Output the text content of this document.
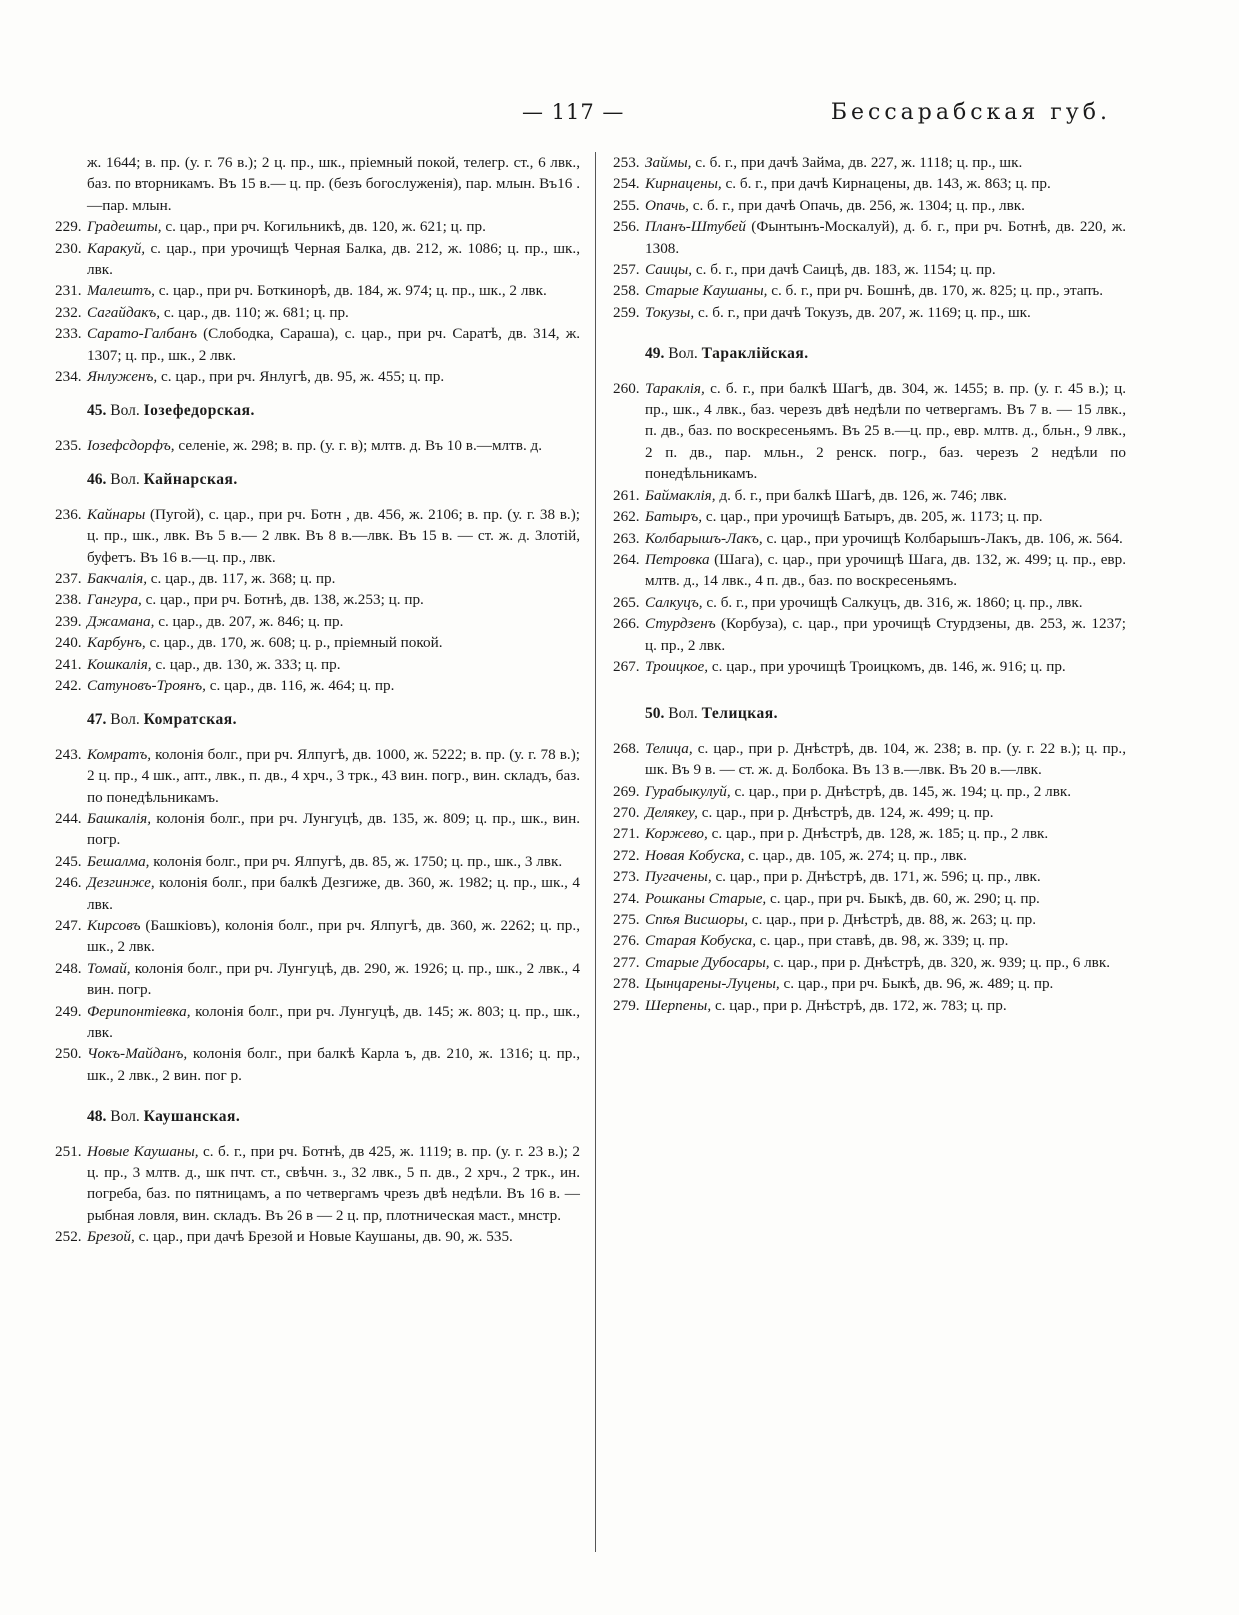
— 117 —	Бессарабская губ.

ж. 1644; в. пр. (у. г. 76 в.); 2 ц. пр., шк., пріемный покой, телегр. ст., 6 лвк., баз. по вторникамъ. Въ 15 в.— ц. пр. (безъ богослуженія), пар. млын. Въ16 .—пар. млын.

229. Градешты, с. цар., при рч. Когильникѣ, дв. 120, ж. 621; ц. пр.

230. Каракуй, с. цар., при урочищѣ Черная Балка, дв. 212, ж. 1086; ц. пр., шк., лвк.

231. Малештъ, с. цар., при рч. Боткинорѣ, дв. 184, ж. 974; ц. пр., шк., 2 лвк.

232. Сагайдакъ, с. цар., дв. 110; ж. 681; ц. пр.

233. Сарато-Галбанъ (Слободка, Сараша), с. цар., при рч. Саратѣ, дв. 314, ж. 1307; ц. пр., шк., 2 лвк.

234. Янлуженъ, с. цар., при рч. Янлугѣ, дв. 95, ж. 455; ц. пр.

45. Вол. Іозефедорская.

235. Іозефсдорфъ, селеніе, ж. 298; в. пр. (у. г. в); млтв. д. Въ 10 в.—млтв. д.

46. Вол. Кайнарская.

236. Кайнары (Пугой), с. цар., при рч. Ботн , дв. 456, ж. 2106; в. пр. (у. г. 38 в.); ц. пр., шк., лвк. Въ 5 в.— 2 лвк. Въ 8 в.—лвк. Въ 15 в. — ст. ж. д. Злотій, буфетъ. Въ 16 в.—ц. пр., лвк.

237. Бакчалія, с. цар., дв. 117, ж. 368; ц. пр.

238. Гангура, с. цар., при рч. Ботнѣ, дв. 138, ж.253; ц. пр.

239. Джамана, с. цар., дв. 207, ж. 846; ц. пр.

240. Карбунъ, с. цар., дв. 170, ж. 608; ц. р., пріемный покой.

241. Кошкалія, с. цар., дв. 130, ж. 333; ц. пр.

242. Сатуновъ-Троянъ, с. цар., дв. 116, ж. 464; ц. пр.

47. Вол. Комратская.

243. Комратъ, колонія болг., при рч. Ялпугѣ, дв. 1000, ж. 5222; в. пр. (у. г. 78 в.); 2 ц. пр., 4 шк., апт., лвк., п. дв., 4 хрч., 3 трк., 43 вин. погр., вин. складъ, баз. по понедѣльникамъ.

244. Башкалія, колонія болг., при рч. Лунгуцѣ, дв. 135, ж. 809; ц. пр., шк., вин. погр.

245. Бешалма, колонія болг., при рч. Ялпугѣ, дв. 85, ж. 1750; ц. пр., шк., 3 лвк.

246. Дезгинже, колонія болг., при балкѣ Дезгиже, дв. 360, ж. 1982; ц. пр., шк., 4 лвк.

247. Кирсовъ (Башкіовъ), колонія болг., при рч. Ялпугѣ, дв. 360, ж. 2262; ц. пр., шк., 2 лвк.

248. Томай, колонія болг., при рч. Лунгуцѣ, дв. 290, ж. 1926; ц. пр., шк., 2 лвк., 4 вин. погр.

249. Ферипонтіевка, колонія болг., при рч. Лунгуцѣ, дв. 145; ж. 803; ц. пр., шк., лвк.

250. Чокъ-Майданъ, колонія болг., при балкѣ Карла ъ, дв. 210, ж. 1316; ц. пр., шк., 2 лвк., 2 вин. пог р.

48. Вол. Каушанская.

251. Новые Каушаны, с. б. г., при рч. Ботнѣ, дв 425, ж. 1119; в. пр. (у. г. 23 в.); 2 ц. пр., 3 млтв. д., шк пчт. ст., свѣчн. з., 32 лвк., 5 п. дв., 2 хрч., 2 трк., ин. погреба, баз. по пятницамъ, а по четвергамъ чрезъ двѣ недѣли. Въ 16 в. — рыбная ловля, вин. складъ. Въ 26 в — 2 ц. пр, плотническая маст., мнстр.

252. Брезой, с. цар., при дачѣ Брезой и Новые Каушаны, дв. 90, ж. 535.

253. Займы, с. б. г., при дачѣ Займа, дв. 227, ж. 1118; ц. пр., шк.

254. Кирнацены, с. б. г., при дачѣ Кирнацены, дв. 143, ж. 863; ц. пр.

255. Опачь, с. б. г., при дачѣ Опачь, дв. 256, ж. 1304; ц. пр., лвк.

256. Планъ-Штубей (Фынтынъ-Москалуй), д. б. г., при рч. Ботнѣ, дв. 220, ж. 1308.

257. Саицы, с. б. г., при дачѣ Саицѣ, дв. 183, ж. 1154; ц. пр.

258. Старые Каушаны, с. б. г., при рч. Бошнѣ, дв. 170, ж. 825; ц. пр., этапъ.

259. Токузы, с. б. г., при дачѣ Токузъ, дв. 207, ж. 1169; ц. пр., шк.

49. Вол. Тараклійская.

260. Тараклія, с. б. г., при балкѣ Шагѣ, дв. 304, ж. 1455; в. пр. (у. г. 45 в.); ц. пр., шк., 4 лвк., баз. черезъ двѣ недѣли по четвергамъ. Въ 7 в. — 15 лвк., п. дв., баз. по воскресеньямъ. Въ 25 в.—ц. пр., евр. млтв. д., бльн., 9 лвк., 2 п. дв., пар. мльн., 2 ренск. погр., баз. черезъ 2 недѣли по понедѣльникамъ.

261. Баймаклія, д. б. г., при балкѣ Шагѣ, дв. 126, ж. 746; лвк.

262. Батыръ, с. цар., при урочищѣ Батыръ, дв. 205, ж. 1173; ц. пр.

263. Колбарышъ-Лакъ, с. цар., при урочищѣ Колбарышъ-Лакъ, дв. 106, ж. 564.

264. Петровка (Шага), с. цар., при урочищѣ Шага, дв. 132, ж. 499; ц. пр., евр. млтв. д., 14 лвк., 4 п. дв., баз. по воскресеньямъ.

265. Салкуцъ, с. б. г., при урочищѣ Салкуцъ, дв. 316, ж. 1860; ц. пр., лвк.

266. Стурдзенъ (Корбуза), с. цар., при урочищѣ Стурдзены, дв. 253, ж. 1237; ц. пр., 2 лвк.

267. Троицкое, с. цар., при урочищѣ Троицкомъ, дв. 146, ж. 916; ц. пр.

50. Вол. Телицкая.

268. Телица, с. цар., при р. Днѣстрѣ, дв. 104, ж. 238; в. пр. (у. г. 22 в.); ц. пр., шк. Въ 9 в. — ст. ж. д. Болбока. Въ 13 в.—лвк. Въ 20 в.—лвк.

269. Гурабыкулуй, с. цар., при р. Днѣстрѣ, дв. 145, ж. 194; ц. пр., 2 лвк.

270. Делякеу, с. цар., при р. Днѣстрѣ, дв. 124, ж. 499; ц. пр.

271. Коржево, с. цар., при р. Днѣстрѣ, дв. 128, ж. 185; ц. пр., 2 лвк.

272. Новая Кобуска, с. цар., дв. 105, ж. 274; ц. пр., лвк.

273. Пугачены, с. цар., при р. Днѣстрѣ, дв. 171, ж. 596; ц. пр., лвк.

274. Рошканы Старые, с. цар., при рч. Быкѣ, дв. 60, ж. 290; ц. пр.

275. Спѣя Висшоры, с. цар., при р. Днѣстрѣ, дв. 88, ж. 263; ц. пр.

276. Старая Кобуска, с. цар., при ставѣ, дв. 98, ж. 339; ц. пр.

277. Старые Дубосары, с. цар., при р. Днѣстрѣ, дв. 320, ж. 939; ц. пр., 6 лвк.

278. Цынцарены-Луцены, с. цар., при рч. Быкѣ, дв. 96, ж. 489; ц. пр.

279. Шерпены, с. цар., при р. Днѣстрѣ, дв. 172, ж. 783; ц. пр.
